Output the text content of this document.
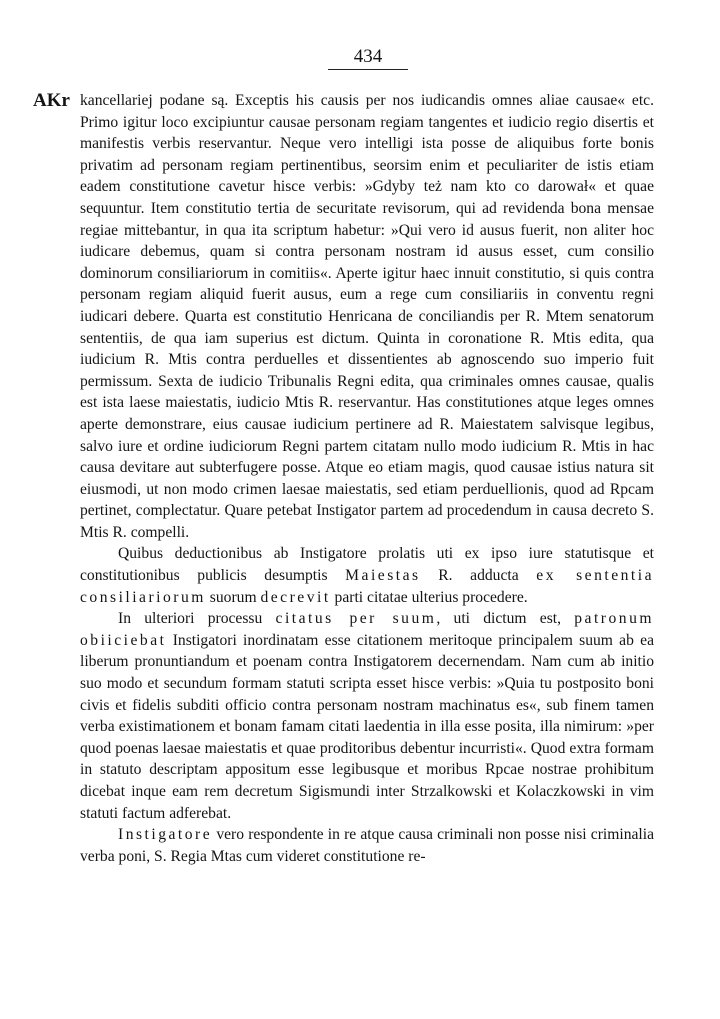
434
AKr kancellariej podane są. Exceptis his causis per nos iudicandis omnes aliae causae« etc. Primo igitur loco excipiuntur causae personam regiam tangentes et iudicio regio disertis et manifestis verbis reservantur. Neque vero intelligi ista posse de aliquibus forte bonis privatim ad personam regiam pertinentibus, seorsim enim et peculiariter de istis etiam eadem constitutione cavetur hisce verbis: »Gdyby też nam kto co darował« et quae sequuntur. Item constitutio tertia de securitate revisorum, qui ad revidenda bona mensae regiae mittebantur, in qua ita scriptum habetur: »Qui vero id ausus fuerit, non aliter hoc iudicare debemus, quam si contra personam nostram id ausus esset, cum consilio dominorum consiliariorum in comitiis«. Aperte igitur haec innuit constitutio, si quis contra personam regiam aliquid fuerit ausus, eum a rege cum consiliariis in conventu regni iudicari debere. Quarta est constitutio Henricana de conciliandis per R. Mtem senatorum sententiis, de qua iam superius est dictum. Quinta in coronatione R. Mtis edita, qua iudicium R. Mtis contra perduelles et dissentientes ab agnoscendo suo imperio fuit permissum. Sexta de iudicio Tribunalis Regni edita, qua criminales omnes causae, qualis est ista laese maiestatis, iudicio Mtis R. reservantur. Has constitutiones atque leges omnes aperte demonstrare, eius causae iudicium pertinere ad R. Maiestatem salvisque legibus, salvo iure et ordine iudiciorum Regni partem citatam nullo modo iudicium R. Mtis in hac causa devitare aut subterfugere posse. Atque eo etiam magis, quod causae istius natura sit eiusmodi, ut non modo crimen laesae maiestatis, sed etiam perduellionis, quod ad Rpcam pertinet, complectatur. Quare petebat Instigator partem ad procedendum in causa decreto S. Mtis R. compelli.

Quibus deductionibus ab Instigatore prolatis uti ex ipso iure statutisque et constitutionibus publicis desumptis Maiestas R. adducta ex sententia consiliariorum suorum decrevit parti citatae ulterius procedere.

In ulteriori processu citatus per suum, uti dictum est, patronum obiiciebat Instigatori inordinatam esse citationem meritoque principalem suum ab ea liberum pronuntiandum et poenam contra Instigatorem decernendam. Nam cum ab initio suo modo et secundum formam statuti scripta esset hisce verbis: »Quia tu postposito boni civis et fidelis subditi officio contra personam nostram machinatus es«, sub finem tamen verba existimationem et bonam famam citati laedentia in illa esse posita, illa nimirum: »per quod poenas laesae maiestatis et quae proditoribus debentur incurristi«. Quod extra formam in statuto descriptam appositum esse legibusque et moribus Rpcae nostrae prohibitum dicebat inque eam rem decretum Sigismundi inter Strzalkowski et Kolaczkowski in vim statuti factum adferebat.

Instigatore vero respondente in re atque causa criminali non posse nisi criminalia verba poni, S. Regia Mtas cum videret constitutione re-
